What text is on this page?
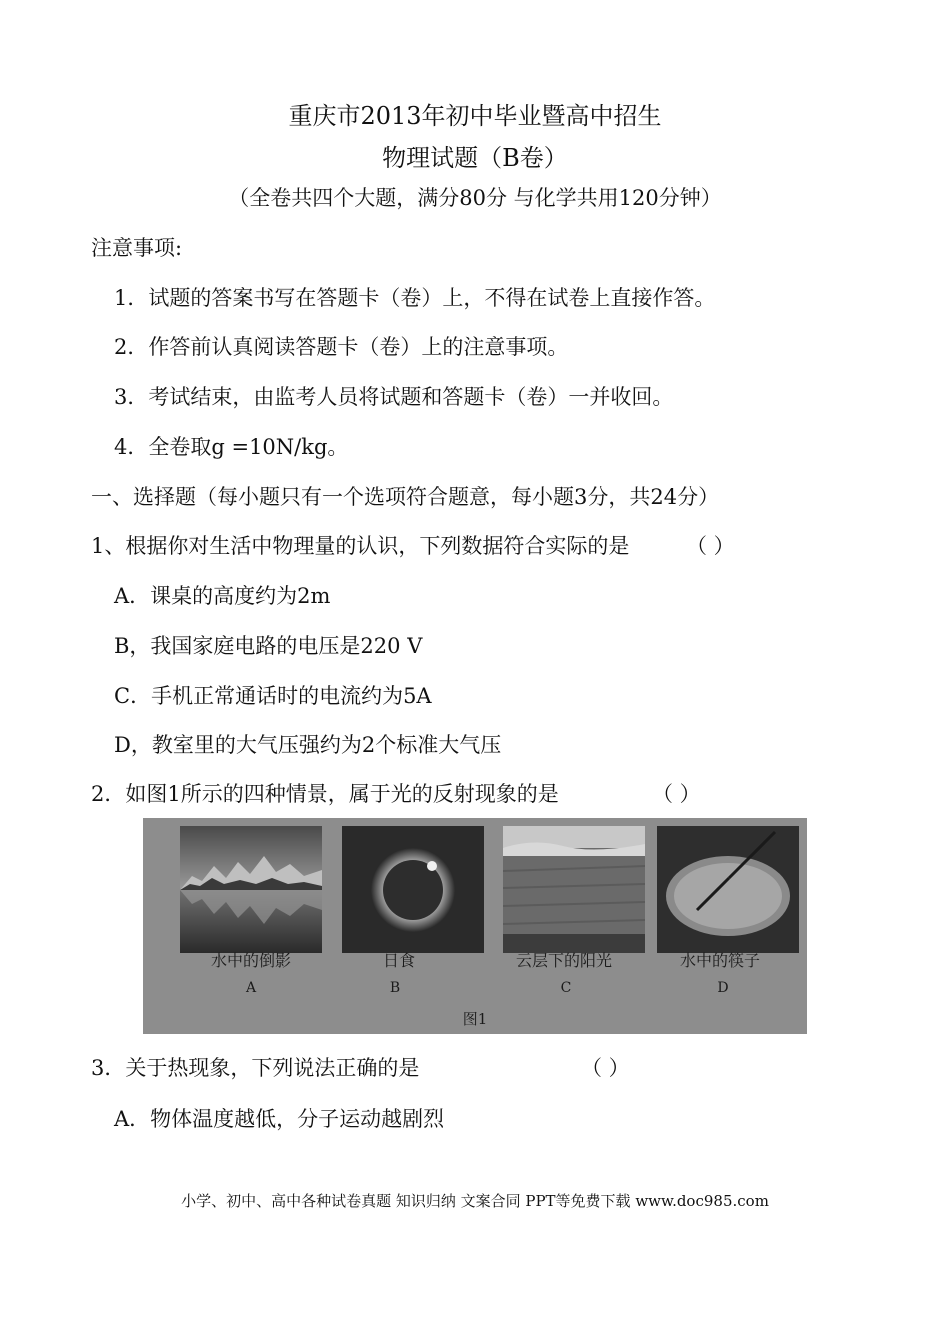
重庆市2013年初中毕业暨高中招生
物理试题（B卷）
（全卷共四个大题，满分80分 与化学共用120分钟）
注意事项:
1．试题的答案书写在答题卡（卷）上，不得在试卷上直接作答。
2．作答前认真阅读答题卡（卷）上的注意事项。
3．考试结束，由监考人员将试题和答题卡（卷）一并收回。
4．全卷取g =10N/kg。
一、选择题（每小题只有一个选项符合题意，每小题3分，共24分）
1、根据你对生活中物理量的认识，下列数据符合实际的是	（ ）
A．课桌的高度约为2m
B，我国家庭电路的电压是220 V
C．手机正常通话时的电流约为5A
D，教室里的大气压强约为2个标准大气压
2．如图1所示的四种情景，属于光的反射现象的是	（ ）
水中的倒影
A
日食
B
云层下的阳光
C
水中的筷子
D
图1
3．关于热现象，下列说法正确的是	（ ）
A．物体温度越低，分子运动越剧烈
小学、初中、高中各种试卷真题 知识归纳 文案合同 PPT等免费下载 www.doc985.com
